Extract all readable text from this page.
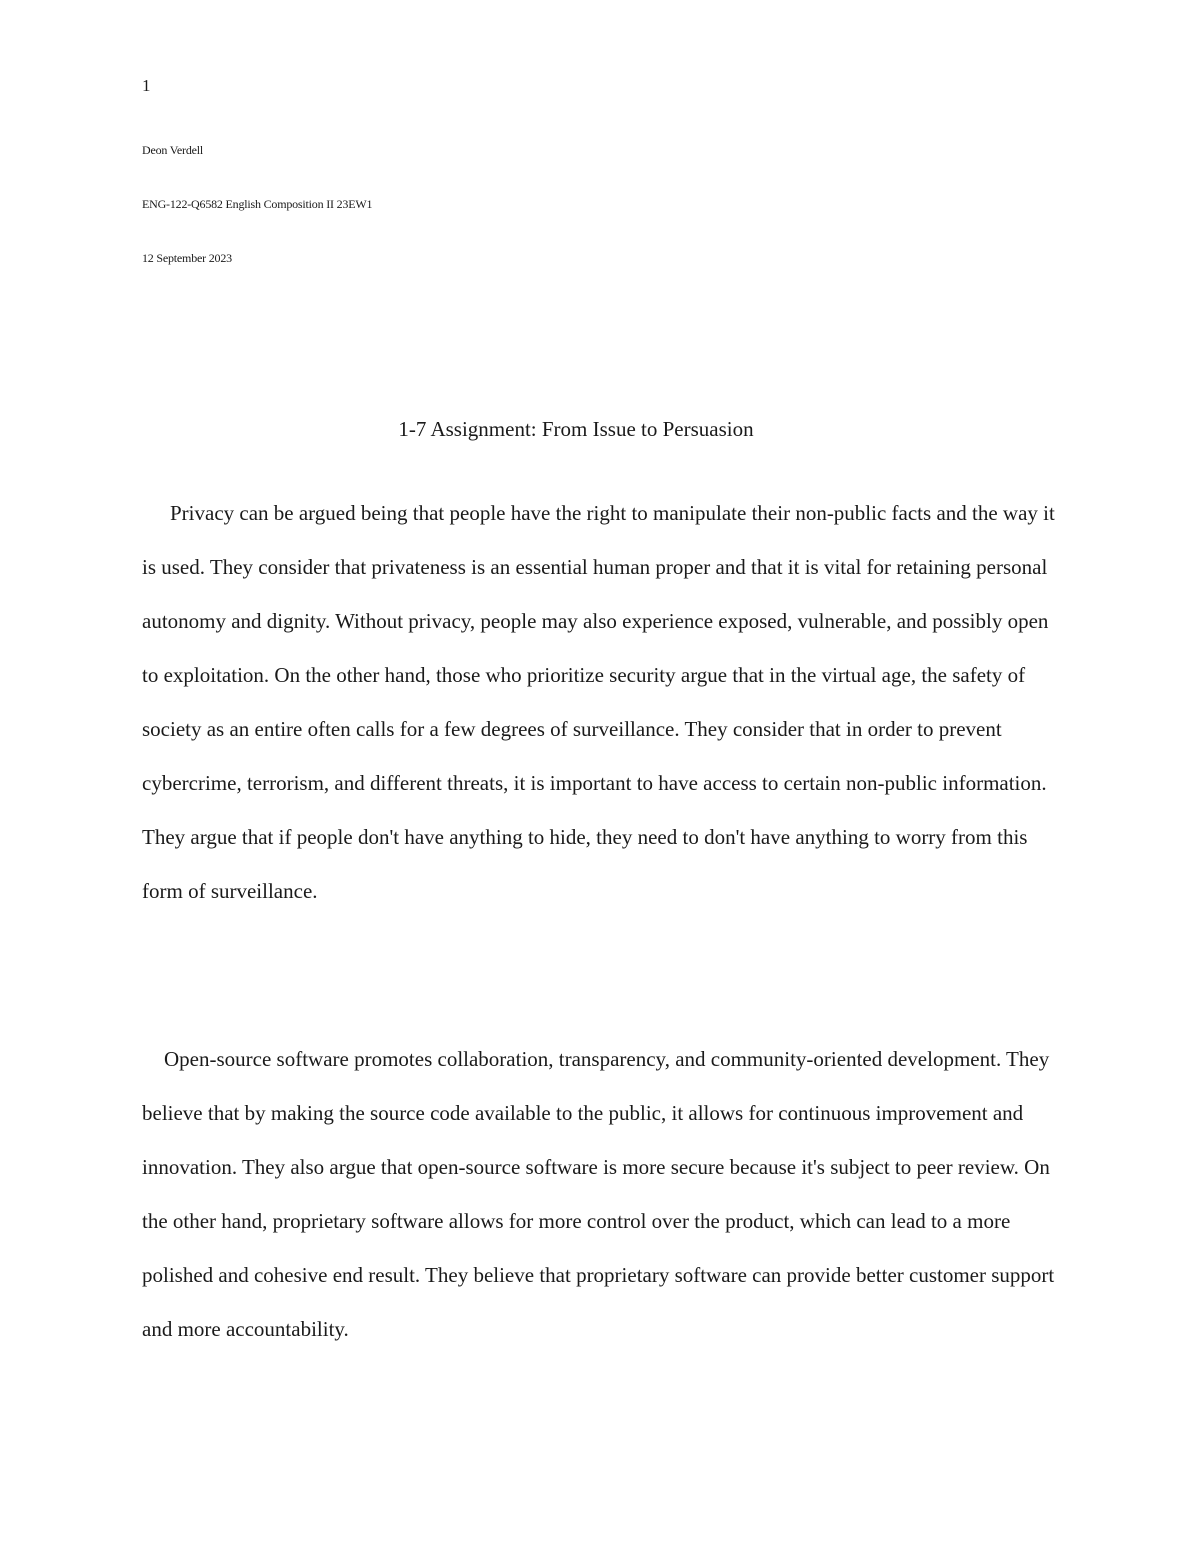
1
Deon Verdell
ENG-122-Q6582 English Composition II 23EW1
12 September 2023
1-7 Assignment: From Issue to Persuasion

Privacy can be argued being that people have the right to manipulate their non-public facts and the way it is used. They consider that privateness is an essential human proper and that it is vital for retaining personal autonomy and dignity. Without privacy, people may also experience exposed, vulnerable, and possibly open to exploitation. On the other hand, those who prioritize security argue that in the virtual age, the safety of society as an entire often calls for a few degrees of surveillance. They consider that in order to prevent cybercrime, terrorism, and different threats, it is important to have access to certain non-public information. They argue that if people don't have anything to hide, they need to don't have anything to worry from this form of surveillance.

Open-source software promotes collaboration, transparency, and community-oriented development. They believe that by making the source code available to the public, it allows for continuous improvement and innovation. They also argue that open-source software is more secure because it's subject to peer review. On the other hand, proprietary software allows for more control over the product, which can lead to a more polished and cohesive end result. They believe that proprietary software can provide better customer support and more accountability.
